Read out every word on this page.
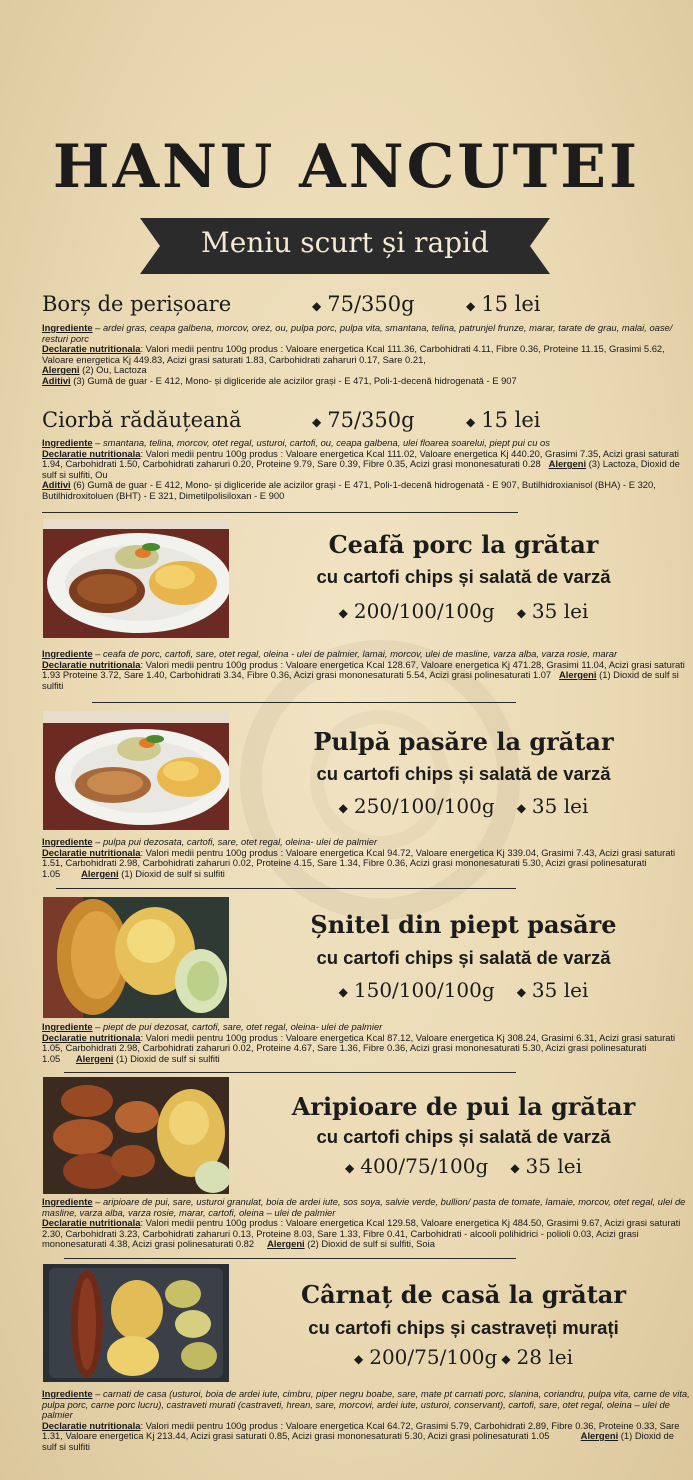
HANU ANCUTEI
Meniu scurt și rapid
Borș de perișoare	◆ 75/350g	◆ 15 lei

Ingrediente – ardei gras, ceapa galbena, morcov, orez, ou, pulpa porc, pulpa vita, smantana, telina, patrunjel frunze, marar, tarate de grau, malai, oase/ resturi porc

Declaratie nutritionala: Valori medii pentru 100g produs : Valoare energetica Kcal 111.36, Carbohidrati 4.11, Fibre 0.36, Proteine 11.15, Grasimi 5.62, Valoare energetica Kj 449.83, Acizi grasi saturati 1.83, Carbohidrati zaharuri 0.17, Sare 0.21,

Alergeni (2) Ou, Lactoza

Aditivi (3) Gumă de guar - E 412, Mono- și digliceride ale acizilor grași - E 471, Poli-1-decenă hidrogenată - E 907

Ciorbă rădăuțeană	◆ 75/350g	◆ 15 lei

Ingrediente – smantana, telina, morcov, otet regal, usturoi, cartofi, ou, ceapa galbena, ulei floarea soarelui, piept pui cu os

Declaratie nutritionala: Valori medii pentru 100g produs : Valoare energetica Kcal 111.02, Valoare energetica Kj 440.20, Grasimi 7.35, Acizi grasi saturati 1.94, Carbohidrati 1.50, Carbohidrati zaharuri 0.20, Proteine 9.79, Sare 0.39, Fibre 0.35, Acizi grasi mononesaturati 0.28 Alergeni (3) Lactoza, Dioxid de sulf si sulfiti, Ou

Aditivi (6) Gumă de guar - E 412, Mono- și digliceride ale acizilor grași - E 471, Poli-1-decenă hidrogenată - E 907, Butilhidroxianisol (BHA) - E 320, Butilhidroxitoluen (BHT) - E 321, Dimetilpolisiloxan - E 900

Ceafă porc la grătar
cu cartofi chips și salată de varză
◆ 200/100/100g ◆ 35 lei

Ingrediente – ceafa de porc, cartofi, sare, otet regal, oleina - ulei de palmier, lamai, morcov, ulei de masline, varza alba, varza rosie, marar

Declaratie nutritionala: Valori medii pentru 100g produs : Valoare energetica Kcal 128.67, Valoare energetica Kj 471.28, Grasimi 11.04, Acizi grasi saturati 1.93 Proteine 3.72, Sare 1.40, Carbohidrati 3.34, Fibre 0.36, Acizi grasi mononesaturati 5.54, Acizi grasi polinesaturati 1.07 Alergeni (1) Dioxid de sulf si sulfiti

Pulpă pasăre la grătar
cu cartofi chips și salată de varză
◆ 250/100/100g ◆ 35 lei

Ingrediente – pulpa pui dezosata, cartofi, sare, otet regal, oleina- ulei de palmier

Declaratie nutritionala: Valori medii pentru 100g produs : Valoare energetica Kcal 94.72, Valoare energetica Kj 339.04, Grasimi 7.43, Acizi grasi saturati 1.51, Carbohidrati 2.98, Carbohidrati zaharuri 0.02, Proteine 4.15, Sare 1.34, Fibre 0.36, Acizi grasi mononesaturati 5.30, Acizi grasi polinesaturati 1.05 Alergeni (1) Dioxid de sulf si sulfiti

Șnitel din piept pasăre
cu cartofi chips și salată de varză
◆ 150/100/100g ◆ 35 lei

Ingrediente – piept de pui dezosat, cartofi, sare, otet regal, oleina- ulei de palmier

Declaratie nutritionala: Valori medii pentru 100g produs : Valoare energetica Kcal 87.12, Valoare energetica Kj 308.24, Grasimi 6.31, Acizi grasi saturati 1.05, Carbohidrati 2.98, Carbohidrati zaharuri 0.02, Proteine 4.67, Sare 1.36, Fibre 0.36, Acizi grasi mononesaturati 5.30, Acizi grasi polinesaturati 1.05 Alergeni (1) Dioxid de sulf si sulfiti

Aripioare de pui la grătar
cu cartofi chips și salată de varză
◆ 400/75/100g ◆ 35 lei

Ingrediente – aripioare de pui, sare, usturoi granulat, boia de ardei iute, sos soya, salvie verde, bullion/ pasta de tomate, lamaie, morcov, otet regal, ulei de masline, varza alba, varza rosie, marar, cartofi, oleina – ulei de palmier

Declaratie nutritionala: Valori medii pentru 100g produs : Valoare energetica Kcal 129.58, Valoare energetica Kj 484.50, Grasimi 9.67, Acizi grasi saturati 2.30, Carbohidrati 3.23, Carbohidrati zaharuri 0.13, Proteine 8.03, Sare 1.33, Fibre 0.41, Carbohidrati - alcooli polihidrici - polioli 0.03, Acizi grasi mononesaturati 4.38, Acizi grasi polinesaturati 0.82 Alergeni (2) Dioxid de sulf si sulfiti, Soia

Cârnaț de casă la grătar
cu cartofi chips și castraveți murați
◆ 200/75/100g ◆ 28 lei

Ingrediente – carnati de casa (usturoi, boia de ardei iute, cimbru, piper negru boabe, sare, mate pt carnati porc, slanina, coriandru, pulpa vita, carne de vita, pulpa porc, carne porc lucru), castraveti murati (castraveti, hrean, sare, morcovi, ardei iute, usturoi, conservant), cartofi, sare, otet regal, oleina – ulei de palmier

Declaratie nutritionala: Valori medii pentru 100g produs : Valoare energetica Kcal 64.72, Grasimi 5.79, Carbohidrati 2.89, Fibre 0.36, Proteine 0.33, Sare 1.31, Valoare energetica Kj 213.44, Acizi grasi saturati 0.85, Acizi grasi mononesaturati 5.30, Acizi grasi polinesaturati 1.05	Alergeni (1) Dioxid de sulf si sulfiti
